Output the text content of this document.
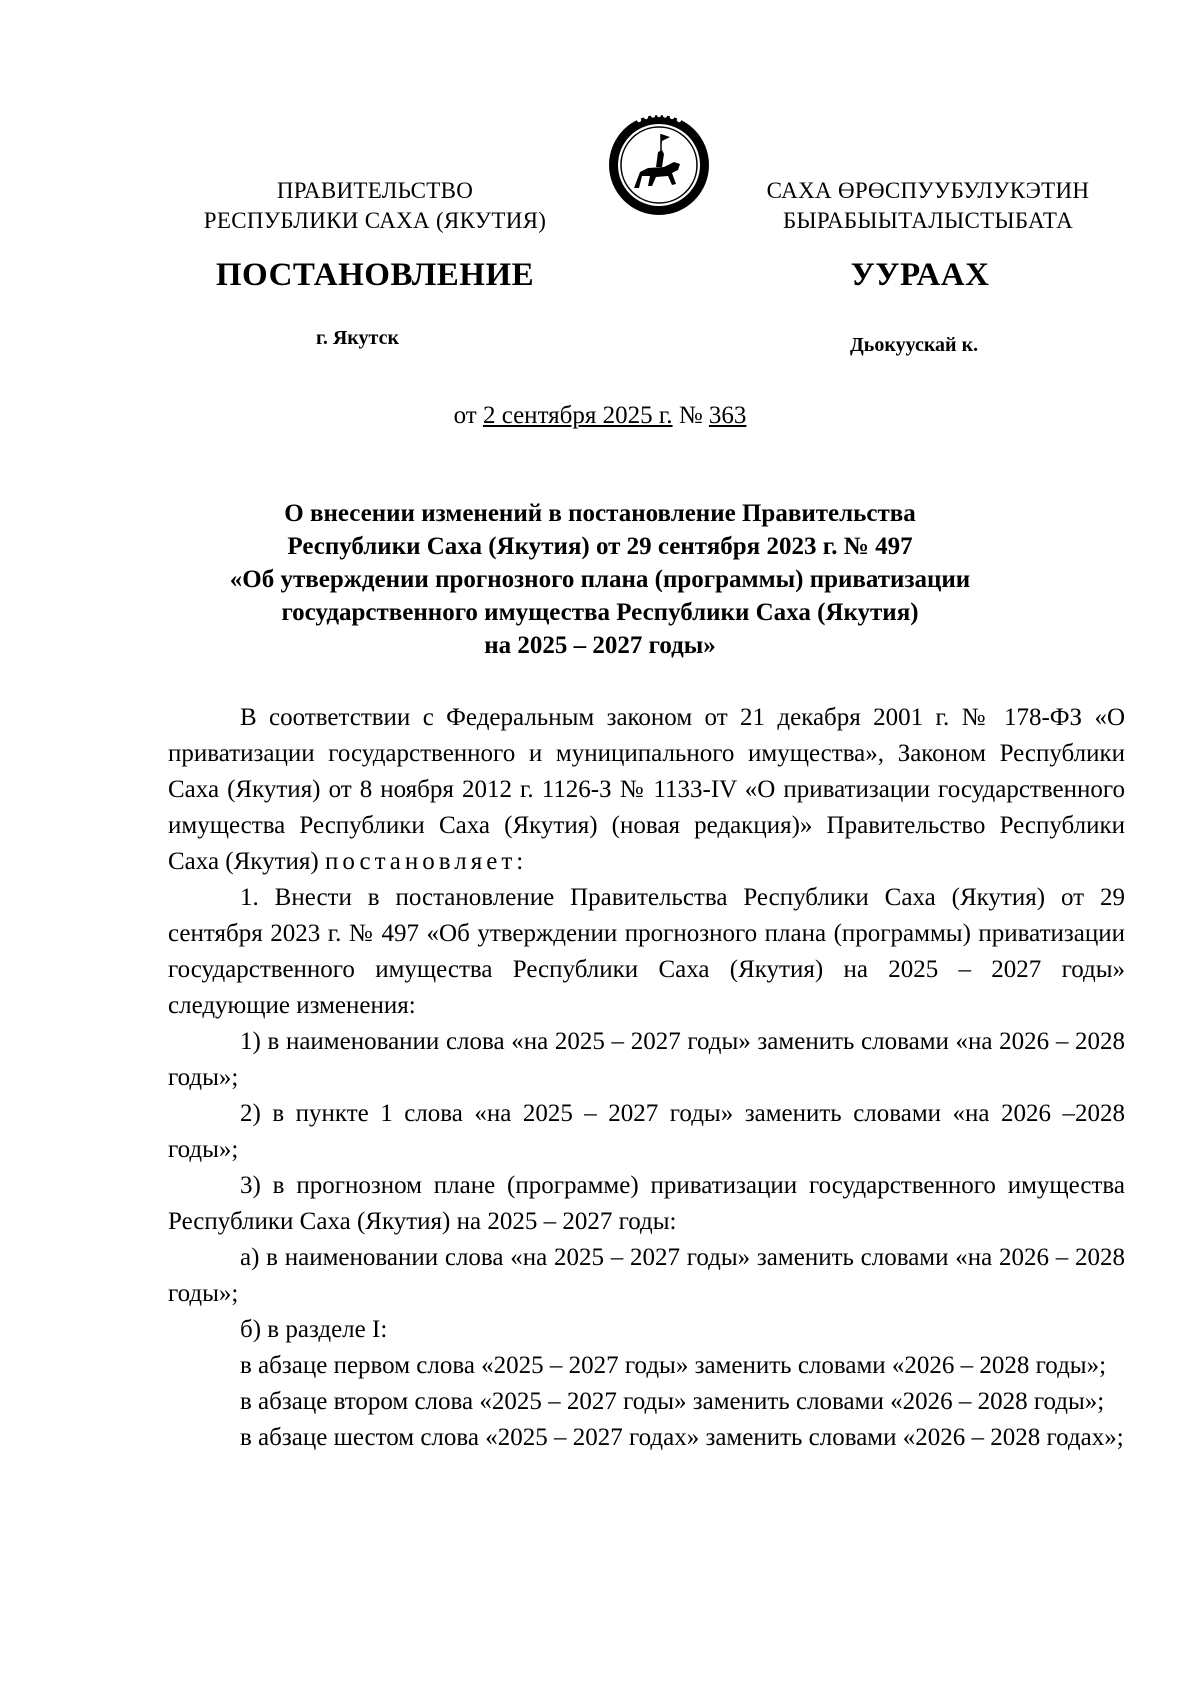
ПРАВИТЕЛЬСТВО
РЕСПУБЛИКИ САХА (ЯКУТИЯ)
САХА ӨРӨСПУУБУЛУКЭТИН
БЫРАБЫЫТАЛЫСТЫБАТА
ПОСТАНОВЛЕНИЕ	УУРААХ
г. Якутск	Дьокуускай к.
от 2 сентября 2025 г. № 363
О внесении изменений в постановление Правительства
Республики Саха (Якутия) от 29 сентября 2023 г. № 497
«Об утверждении прогнозного плана (программы) приватизации
государственного имущества Республики Саха (Якутия)
на 2025 – 2027 годы»

В соответствии с Федеральным законом от 21 декабря 2001 г. № 178-ФЗ «О приватизации государственного и муниципального имущества», Законом Республики Саха (Якутия) от 8 ноября 2012 г. 1126-З № 1133-IV «О приватизации государственного имущества Республики Саха (Якутия) (новая редакция)» Правительство Республики Саха (Якутия) постановляет:

1. Внести в постановление Правительства Республики Саха (Якутия) от 29 сентября 2023 г. № 497 «Об утверждении прогнозного плана (программы) приватизации государственного имущества Республики Саха (Якутия) на 2025 – 2027 годы» следующие изменения:

1) в наименовании слова «на 2025 – 2027 годы» заменить словами «на 2026 – 2028 годы»;

2) в пункте 1 слова «на 2025 – 2027 годы» заменить словами «на 2026 –2028 годы»;

3) в прогнозном плане (программе) приватизации государственного имущества Республики Саха (Якутия) на 2025 – 2027 годы:

а) в наименовании слова «на 2025 – 2027 годы» заменить словами «на 2026 – 2028 годы»;

б) в разделе I:

в абзаце первом слова «2025 – 2027 годы» заменить словами «2026 – 2028 годы»;

в абзаце втором слова «2025 – 2027 годы» заменить словами «2026 – 2028 годы»;

в абзаце шестом слова «2025 – 2027 годах» заменить словами «2026 – 2028 годах»;
